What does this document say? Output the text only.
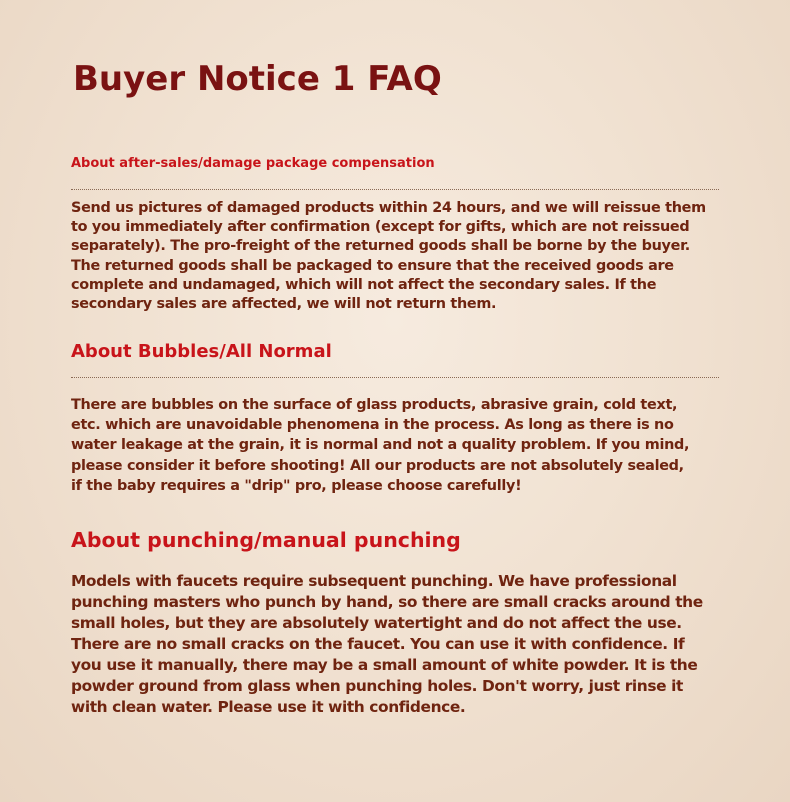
Buyer Notice 1 FAQ
About after-sales/damage package compensation

Send us pictures of damaged products within 24 hours, and we will reissue them
to you immediately after confirmation (except for gifts, which are not reissued
separately). The pro-freight of the returned goods shall be borne by the buyer.
The returned goods shall be packaged to ensure that the received goods are
complete and undamaged, which will not affect the secondary sales. If the
secondary sales are affected, we will not return them.

About Bubbles/All Normal

There are bubbles on the surface of glass products, abrasive grain, cold text,
etc. which are unavoidable phenomena in the process. As long as there is no
water leakage at the grain, it is normal and not a quality problem. If you mind,
please consider it before shooting! All our products are not absolutely sealed,
if the baby requires a "drip" pro, please choose carefully!

About punching/manual punching

Models with faucets require subsequent punching. We have professional
punching masters who punch by hand, so there are small cracks around the
small holes, but they are absolutely watertight and do not affect the use.
There are no small cracks on the faucet. You can use it with confidence. If
you use it manually, there may be a small amount of white powder. It is the
powder ground from glass when punching holes. Don't worry, just rinse it
with clean water. Please use it with confidence.
